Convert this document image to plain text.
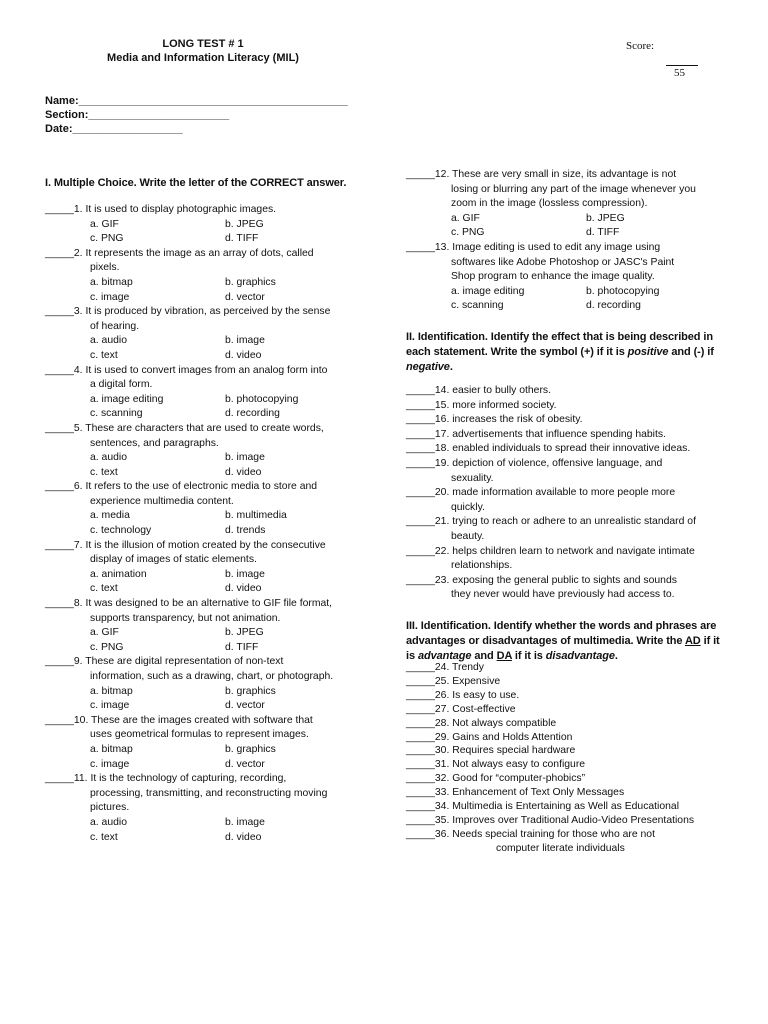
LONG TEST # 1
Media and Information Literacy (MIL)
Score:
55
Name:____________________________________________
Section:_______________________
Date:__________________
I. Multiple Choice. Write the letter of the CORRECT answer.
_____1. It is used to display photographic images.
a. GIF	b. JPEG
c. PNG	d. TIFF
_____2. It represents the image as an array of dots, called
pixels.
a. bitmap	b. graphics
c. image	d. vector
_____3. It is produced by vibration, as perceived by the sense
of hearing.
a. audio	b. image
c. text	d. video
_____4. It is used to convert images from an analog form into
a digital form.
a. image editing	b. photocopying
c. scanning	d. recording
_____5. These are characters that are used to create words,
sentences, and paragraphs.
a. audio	b. image
c. text	d. video
_____6. It refers to the use of electronic media to store and
experience multimedia content.
a. media	b. multimedia
c. technology	d. trends
_____7. It is the illusion of motion created by the consecutive
display of images of static elements.
a. animation	b. image
c. text	d. video
_____8. It was designed to be an alternative to GIF file format,
supports transparency, but not animation.
a. GIF	b. JPEG
c. PNG	d. TIFF
_____9. These are digital representation of non-text
information, such as a drawing, chart, or photograph.
a. bitmap	b. graphics
c. image	d. vector
_____10. These are the images created with software that
uses geometrical formulas to represent images.
a. bitmap	b. graphics
c. image	d. vector
_____11. It is the technology of capturing, recording,
processing, transmitting, and reconstructing moving
pictures.
a. audio	b. image
c. text	d. video
_____12. These are very small in size, its advantage is not
losing or blurring any part of the image whenever you
zoom in the image (lossless compression).
a. GIF	b. JPEG
c. PNG	d. TIFF
_____13. Image editing is used to edit any image using
softwares like Adobe Photoshop or JASC's Paint
Shop program to enhance the image quality.
a. image editing	b. photocopying
c. scanning	d. recording
II. Identification. Identify the effect that is being described in
each statement. Write the symbol (+) if it is positive and (-) if
negative.
_____14. easier to bully others.
_____15. more informed society.
_____16. increases the risk of obesity.
_____17. advertisements that influence spending habits.
_____18. enabled individuals to spread their innovative ideas.
_____19. depiction of violence, offensive language, and
sexuality.
_____20. made information available to more people more
quickly.
_____21. trying to reach or adhere to an unrealistic standard of
beauty.
_____22. helps children learn to network and navigate intimate
relationships.
_____23. exposing the general public to sights and sounds
they never would have previously had access to.
III. Identification. Identify whether the words and phrases are
advantages or disadvantages of multimedia. Write the AD if it
is advantage and DA if it is disadvantage.
_____24. Trendy
_____25. Expensive
_____26. Is easy to use.
_____27. Cost-effective
_____28. Not always compatible
_____29. Gains and Holds Attention
_____30. Requires special hardware
_____31. Not always easy to configure
_____32. Good for “computer-phobics”
_____33. Enhancement of Text Only Messages
_____34. Multimedia is Entertaining as Well as Educational
_____35. Improves over Traditional Audio-Video Presentations
_____36. Needs special training for those who are not
computer literate individuals
